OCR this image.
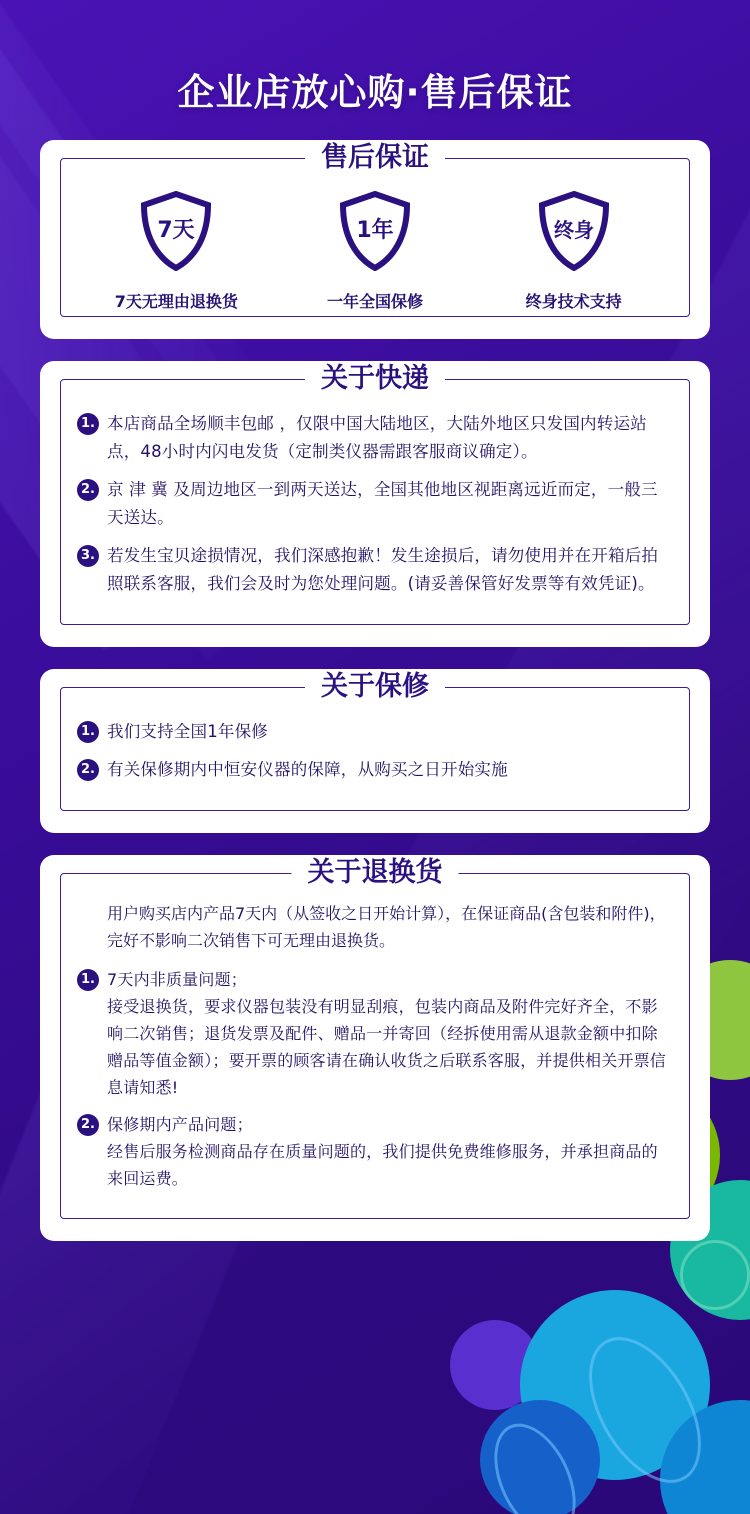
企业店放心购·售后保证
售后保证
7天
7天无理由退换货
1年
一年全国保修
终身
终身技术支持
关于快递
1. 本店商品全场顺丰包邮 ，仅限中国大陆地区，大陆外地区只发国内转运站点，48小时内闪电发货（定制类仪器需跟客服商议确定）。
2. 京 津 冀 及周边地区一到两天送达，全国其他地区视距离远近而定，一般三天送达。
3. 若发生宝贝途损情况，我们深感抱歉！发生途损后，请勿使用并在开箱后拍照联系客服，我们会及时为您处理问题。(请妥善保管好发票等有效凭证)。
关于保修
1. 我们支持全国1年保修
2. 有关保修期内中恒安仪器的保障，从购买之日开始实施
关于退换货
用户购买店内产品7天内（从签收之日开始计算），在保证商品(含包装和附件)，完好不影响二次销售下可无理由退换货。
1. 7天内非质量问题；
接受退换货，要求仪器包装没有明显刮痕，包装内商品及附件完好齐全，不影响二次销售；退货发票及配件、赠品一并寄回（经拆使用需从退款金额中扣除赠品等值金额）；要开票的顾客请在确认收货之后联系客服，并提供相关开票信息请知悉!
2. 保修期内产品问题；
经售后服务检测商品存在质量问题的，我们提供免费维修服务，并承担商品的来回运费。
